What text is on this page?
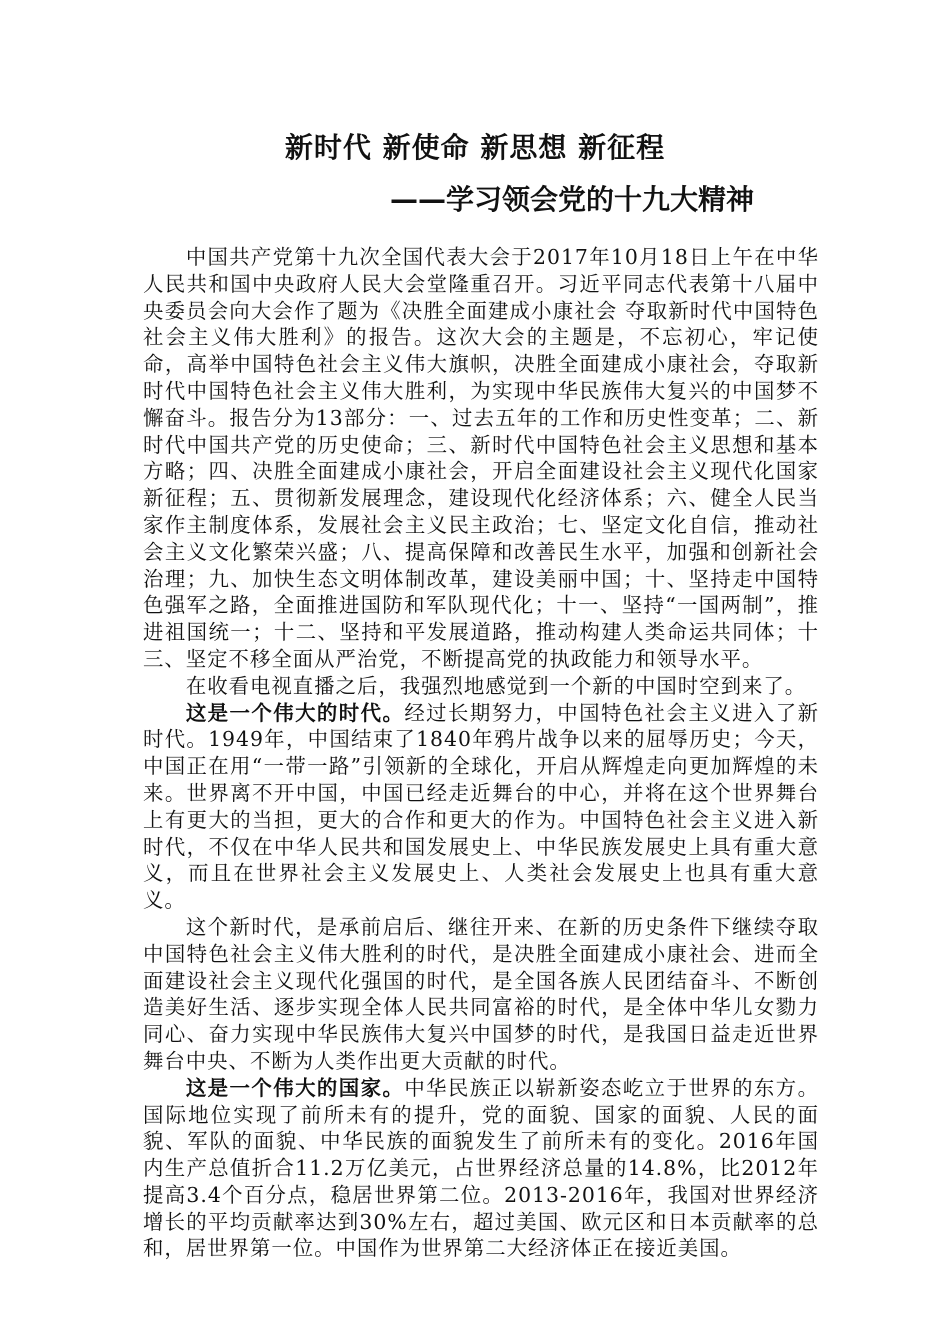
新时代 新使命 新思想 新征程
——学习领会党的十九大精神

中国共产党第十九次全国代表大会于2017年10月18日上午在中华人民共和国中央政府人民大会堂隆重召开。习近平同志代表第十八届中央委员会向大会作了题为《决胜全面建成小康社会 夺取新时代中国特色社会主义伟大胜利》的报告。这次大会的主题是，不忘初心，牢记使命，高举中国特色社会主义伟大旗帜，决胜全面建成小康社会，夺取新时代中国特色社会主义伟大胜利，为实现中华民族伟大复兴的中国梦不懈奋斗。报告分为13部分：一、过去五年的工作和历史性变革；二、新时代中国共产党的历史使命；三、新时代中国特色社会主义思想和基本方略；四、决胜全面建成小康社会，开启全面建设社会主义现代化国家新征程；五、贯彻新发展理念，建设现代化经济体系；六、健全人民当家作主制度体系，发展社会主义民主政治；七、坚定文化自信，推动社会主义文化繁荣兴盛；八、提高保障和改善民生水平，加强和创新社会治理；九、加快生态文明体制改革，建设美丽中国；十、坚持走中国特色强军之路，全面推进国防和军队现代化；十一、坚持“一国两制”，推进祖国统一；十二、坚持和平发展道路，推动构建人类命运共同体；十三、坚定不移全面从严治党，不断提高党的执政能力和领导水平。

在收看电视直播之后，我强烈地感觉到一个新的中国时空到来了。

这是一个伟大的时代。经过长期努力，中国特色社会主义进入了新时代。1949年，中国结束了1840年鸦片战争以来的屈辱历史；今天，中国正在用“一带一路”引领新的全球化，开启从辉煌走向更加辉煌的未来。世界离不开中国，中国已经走近舞台的中心，并将在这个世界舞台上有更大的当担，更大的合作和更大的作为。中国特色社会主义进入新时代，不仅在中华人民共和国发展史上、中华民族发展史上具有重大意义，而且在世界社会主义发展史上、人类社会发展史上也具有重大意义。

这个新时代，是承前启后、继往开来、在新的历史条件下继续夺取中国特色社会主义伟大胜利的时代，是决胜全面建成小康社会、进而全面建设社会主义现代化强国的时代，是全国各族人民团结奋斗、不断创造美好生活、逐步实现全体人民共同富裕的时代，是全体中华儿女勠力同心、奋力实现中华民族伟大复兴中国梦的时代，是我国日益走近世界舞台中央、不断为人类作出更大贡献的时代。

这是一个伟大的国家。中华民族正以崭新姿态屹立于世界的东方。国际地位实现了前所未有的提升，党的面貌、国家的面貌、人民的面貌、军队的面貌、中华民族的面貌发生了前所未有的变化。2016年国内生产总值折合11.2万亿美元，占世界经济总量的14.8%，比2012年提高3.4个百分点，稳居世界第二位。2013-2016年，我国对世界经济增长的平均贡献率达到30%左右，超过美国、欧元区和日本贡献率的总和，居世界第一位。中国作为世界第二大经济体正在接近美国。
